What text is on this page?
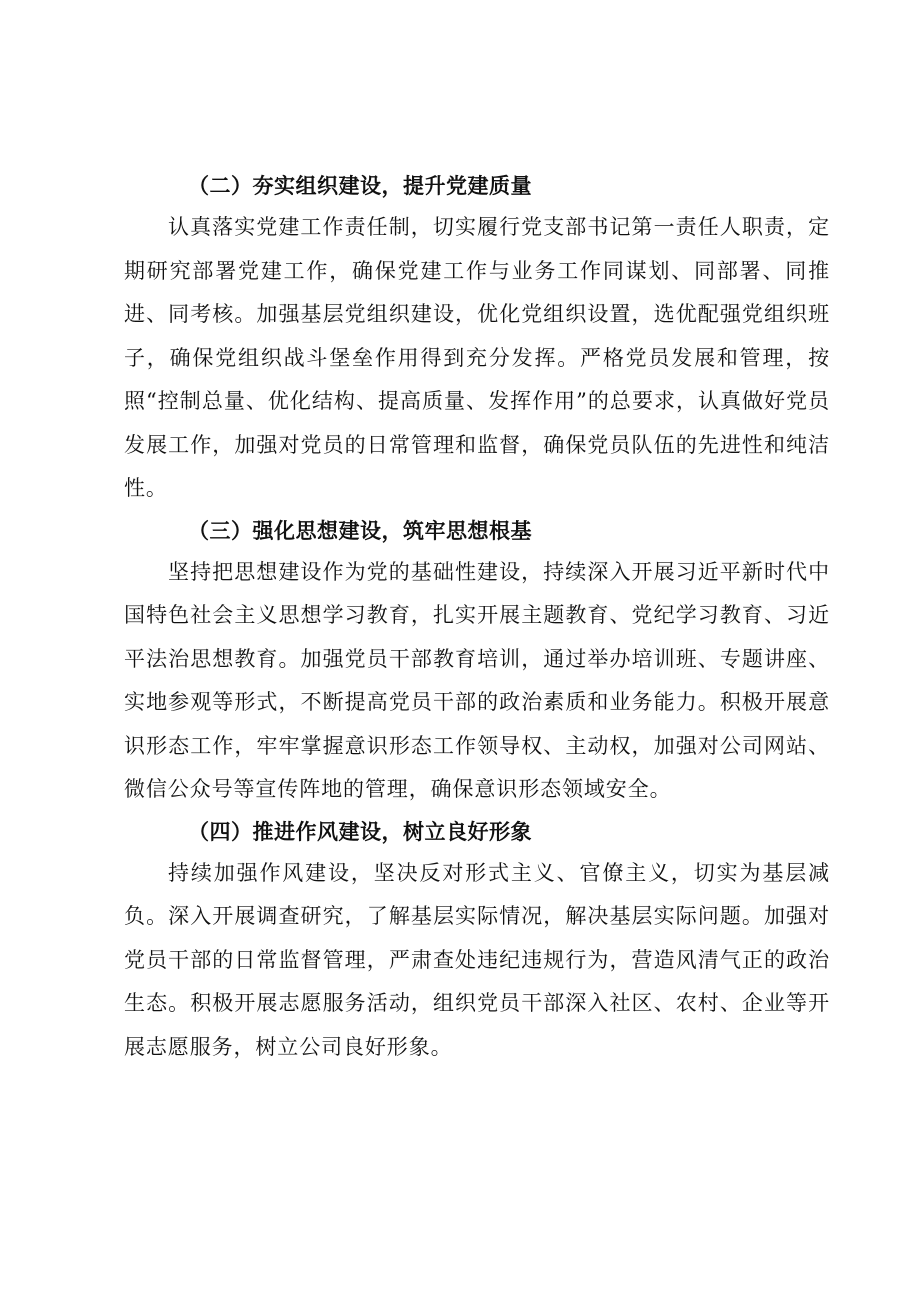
（二）夯实组织建设，提升党建质量

认真落实党建工作责任制，切实履行党支部书记第一责任人职责，定期研究部署党建工作，确保党建工作与业务工作同谋划、同部署、同推进、同考核。加强基层党组织建设，优化党组织设置，选优配强党组织班子，确保党组织战斗堡垒作用得到充分发挥。严格党员发展和管理，按照“控制总量、优化结构、提高质量、发挥作用”的总要求，认真做好党员发展工作，加强对党员的日常管理和监督，确保党员队伍的先进性和纯洁性。

（三）强化思想建设，筑牢思想根基

坚持把思想建设作为党的基础性建设，持续深入开展习近平新时代中国特色社会主义思想学习教育，扎实开展主题教育、党纪学习教育、习近平法治思想教育。加强党员干部教育培训，通过举办培训班、专题讲座、实地参观等形式，不断提高党员干部的政治素质和业务能力。积极开展意识形态工作，牢牢掌握意识形态工作领导权、主动权，加强对公司网站、微信公众号等宣传阵地的管理，确保意识形态领域安全。

（四）推进作风建设，树立良好形象

持续加强作风建设，坚决反对形式主义、官僚主义，切实为基层减负。深入开展调查研究，了解基层实际情况，解决基层实际问题。加强对党员干部的日常监督管理，严肃查处违纪违规行为，营造风清气正的政治生态。积极开展志愿服务活动，组织党员干部深入社区、农村、企业等开展志愿服务，树立公司良好形象。
